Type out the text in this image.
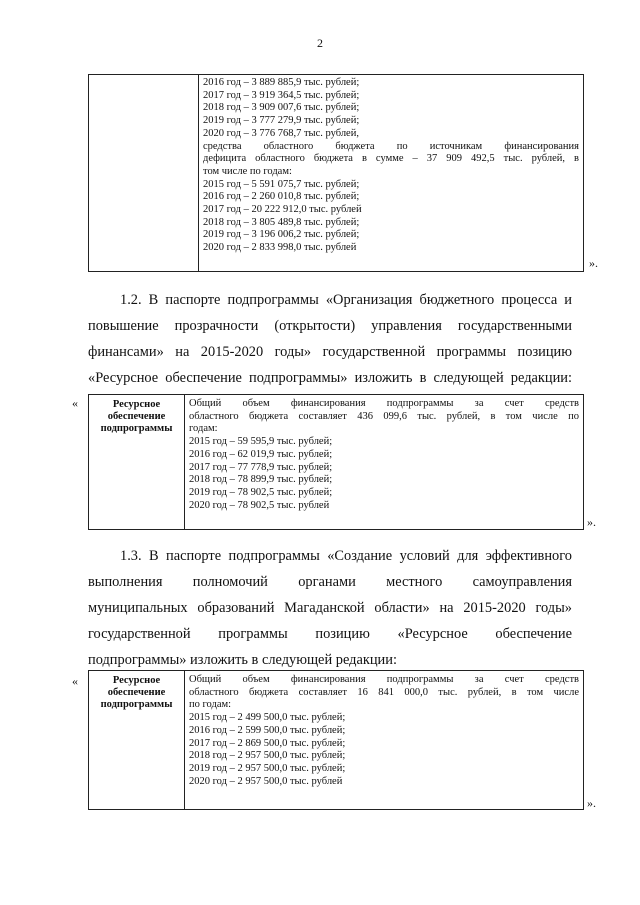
2
2016 год – 3 889 885,9 тыс. рублей;
2017 год – 3 919 364,5 тыс. рублей;
2018 год – 3 909 007,6 тыс. рублей;
2019 год – 3 777 279,9 тыс. рублей;
2020 год – 3 776 768,7 тыс. рублей,
средства областного бюджета по источникам финансирования
дефицита областного бюджета в сумме – 37 909 492,5 тыс. рублей, в
том числе по годам:
2015 год – 5 591 075,7 тыс. рублей;
2016 год – 2 260 010,8 тыс. рублей;
2017 год – 20 222 912,0 тыс. рублей
2018 год – 3 805 489,8 тыс. рублей;
2019 год – 3 196 006,2 тыс. рублей;
2020 год – 2 833 998,0 тыс. рублей
».
1.2. В паспорте подпрограммы «Организация бюджетного процесса и
повышение прозрачности (открытости) управления государственными
финансами» на 2015-2020 годы» государственной программы позицию
«Ресурсное обеспечение подпрограммы» изложить в следующей редакции:
«	Ресурсное
обеспечение
подпрограммы
Общий объем финансирования подпрограммы за счет средств
областного бюджета составляет 436 099,6 тыс. рублей, в том числе по
годам:
2015 год – 59 595,9 тыс. рублей;
2016 год – 62 019,9 тыс. рублей;
2017 год – 77 778,9 тыс. рублей;
2018 год – 78 899,9 тыс. рублей;
2019 год – 78 902,5 тыс. рублей;
2020 год – 78 902,5 тыс. рублей
».
1.3. В паспорте подпрограммы «Создание условий для эффективного
выполнения полномочий органами местного самоуправления
муниципальных образований Магаданской области» на 2015-2020 годы»
государственной программы позицию «Ресурсное обеспечение
подпрограммы» изложить в следующей редакции:
«	Ресурсное
обеспечение
подпрограммы
Общий объем финансирования подпрограммы за счет средств
областного бюджета составляет 16 841 000,0 тыс. рублей, в том числе
по годам:
2015 год – 2 499 500,0 тыс. рублей;
2016 год – 2 599 500,0 тыс. рублей;
2017 год – 2 869 500,0 тыс. рублей;
2018 год – 2 957 500,0 тыс. рублей;
2019 год – 2 957 500,0 тыс. рублей;
2020 год – 2 957 500,0 тыс. рублей
».
